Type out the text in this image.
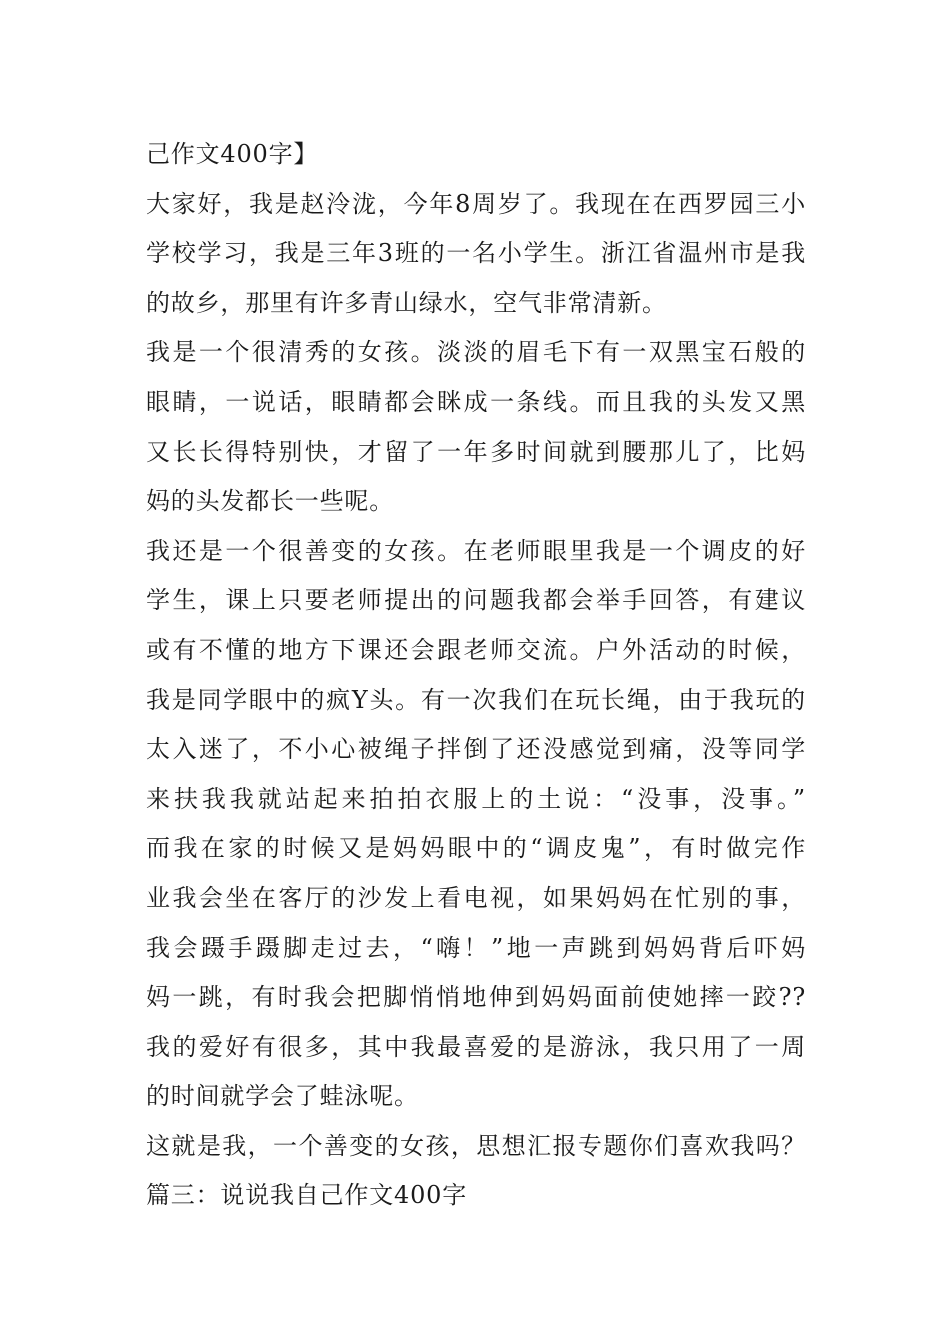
己作文400字】
大家好，我是赵泠泷，今年8周岁了。我现在在西罗园三小
学校学习，我是三年3班的一名小学生。浙江省温州市是我
的故乡，那里有许多青山绿水，空气非常清新。
我是一个很清秀的女孩。淡淡的眉毛下有一双黑宝石般的
眼睛，一说话，眼睛都会眯成一条线。而且我的头发又黑
又长长得特别快，才留了一年多时间就到腰那儿了，比妈
妈的头发都长一些呢。
我还是一个很善变的女孩。在老师眼里我是一个调皮的好
学生，课上只要老师提出的问题我都会举手回答，有建议
或有不懂的地方下课还会跟老师交流。户外活动的时候，
我是同学眼中的疯Y头。有一次我们在玩长绳，由于我玩的
太入迷了，不小心被绳子拌倒了还没感觉到痛，没等同学
来扶我我就站起来拍拍衣服上的土说：“没事，没事。”
而我在家的时候又是妈妈眼中的“调皮鬼”，有时做完作
业我会坐在客厅的沙发上看电视，如果妈妈在忙别的事，
我会蹑手蹑脚走过去，“嗨！”地一声跳到妈妈背后吓妈
妈一跳，有时我会把脚悄悄地伸到妈妈面前使她摔一跤??
我的爱好有很多，其中我最喜爱的是游泳，我只用了一周
的时间就学会了蛙泳呢。
这就是我，一个善变的女孩，思想汇报专题你们喜欢我吗？
篇三：说说我自己作文400字
